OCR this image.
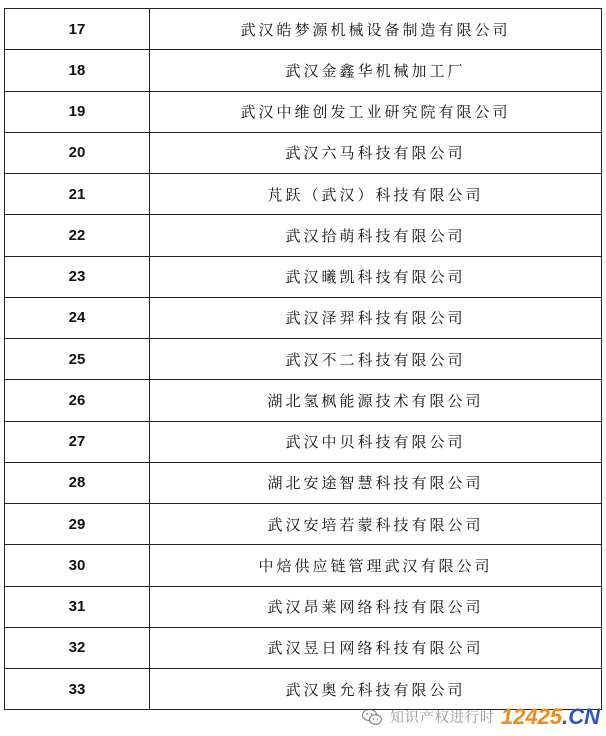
17	武汉皓梦源机械设备制造有限公司
18	武汉金鑫华机械加工厂
19	武汉中维创发工业研究院有限公司
20	武汉六马科技有限公司
21	芃跃（武汉）科技有限公司
22	武汉拾萌科技有限公司
23	武汉曦凯科技有限公司
24	武汉泽羿科技有限公司
25	武汉不二科技有限公司
26	湖北氢枫能源技术有限公司
27	武汉中贝科技有限公司
28	湖北安途智慧科技有限公司
29	武汉安培若蒙科技有限公司
30	中焙供应链管理武汉有限公司
31	武汉昂莱网络科技有限公司
32	武汉昱日网络科技有限公司
33	武汉奥允科技有限公司
知识产权进行时 12425.CN
